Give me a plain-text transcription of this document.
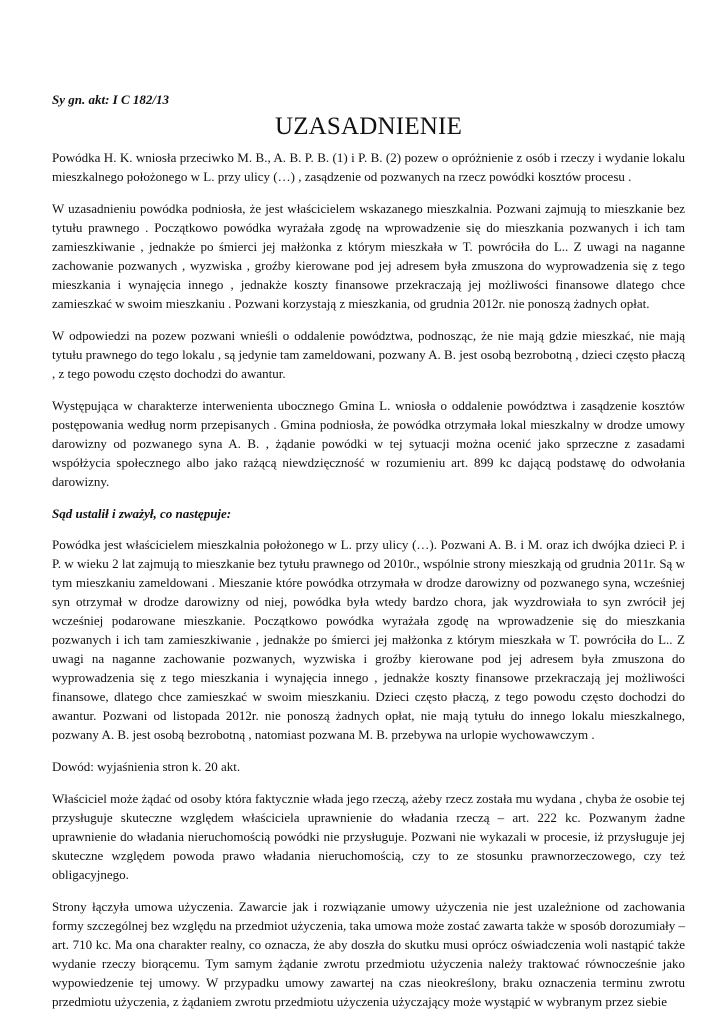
Sy gn. akt: I C 182/13

UZASADNIENIE

Powódka H. K. wniosła przeciwko M. B., A. B. P. B. (1) i P. B. (2) pozew o opróżnienie z osób i rzeczy i wydanie lokalu mieszkalnego położonego w L. przy ulicy (…) , zasądzenie od pozwanych na rzecz powódki kosztów procesu .

W uzasadnieniu powódka podniosła, że jest właścicielem wskazanego mieszkalnia. Pozwani zajmują to mieszkanie bez tytułu prawnego . Początkowo powódka wyrażała zgodę na wprowadzenie się do mieszkania pozwanych i ich tam zamieszkiwanie , jednakże po śmierci jej małżonka z którym mieszkała w T. powróciła do L.. Z uwagi na naganne zachowanie pozwanych , wyzwiska , groźby kierowane pod jej adresem była zmuszona do wyprowadzenia się z tego mieszkania i wynajęcia innego , jednakże koszty finansowe przekraczają jej możliwości finansowe dlatego chce zamieszkać w swoim mieszkaniu . Pozwani korzystają z mieszkania, od grudnia 2012r. nie ponoszą żadnych opłat.

W odpowiedzi na pozew pozwani wnieśli o oddalenie powództwa, podnosząc, że nie mają gdzie mieszkać, nie mają tytułu prawnego do tego lokalu , są jedynie tam zameldowani, pozwany A. B. jest osobą bezrobotną , dzieci często płaczą , z tego powodu często dochodzi do awantur.

Występująca w charakterze interwenienta ubocznego Gmina L. wniosła o oddalenie powództwa i zasądzenie kosztów postępowania według norm przepisanych . Gmina podniosła, że powódka otrzymała lokal mieszkalny w drodze umowy darowizny od pozwanego syna A. B. , żądanie powódki w tej sytuacji można ocenić jako sprzeczne z zasadami współżycia społecznego albo jako rażącą niewdzięczność w rozumieniu art. 899 kc dającą podstawę do odwołania darowizny.

Sąd ustalił i zważył, co następuje:

Powódka jest właścicielem mieszkalnia położonego w L. przy ulicy (…). Pozwani A. B. i M. oraz ich dwójka dzieci P. i P. w wieku 2 lat zajmują to mieszkanie bez tytułu prawnego od 2010r., wspólnie strony mieszkają od grudnia 2011r. Są w tym mieszkaniu zameldowani . Mieszanie które powódka otrzymała w drodze darowizny od pozwanego syna, wcześniej syn otrzymał w drodze darowizny od niej, powódka była wtedy bardzo chora, jak wyzdrowiała to syn zwrócił jej wcześniej podarowane mieszkanie. Początkowo powódka wyrażała zgodę na wprowadzenie się do mieszkania pozwanych i ich tam zamieszkiwanie , jednakże po śmierci jej małżonka z którym mieszkała w T. powróciła do L.. Z uwagi na naganne zachowanie pozwanych, wyzwiska i groźby kierowane pod jej adresem była zmuszona do wyprowadzenia się z tego mieszkania i wynajęcia innego , jednakże koszty finansowe przekraczają jej możliwości finansowe, dlatego chce zamieszkać w swoim mieszkaniu. Dzieci często płaczą, z tego powodu często dochodzi do awantur. Pozwani od listopada 2012r. nie ponoszą żadnych opłat, nie mają tytułu do innego lokalu mieszkalnego, pozwany A. B. jest osobą bezrobotną , natomiast pozwana M. B. przebywa na urlopie wychowawczym .

Dowód: wyjaśnienia stron k. 20 akt.

Właściciel może żądać od osoby która faktycznie włada jego rzeczą, ażeby rzecz została mu wydana , chyba że osobie tej przysługuje skuteczne względem właściciela uprawnienie do władania rzeczą – art. 222 kc. Pozwanym żadne uprawnienie do władania nieruchomością powódki nie przysługuje. Pozwani nie wykazali w procesie, iż przysługuje jej skuteczne względem powoda prawo władania nieruchomością, czy to ze stosunku prawnorzeczowego, czy też obligacyjnego.

Strony łączyła umowa użyczenia. Zawarcie jak i rozwiązanie umowy użyczenia nie jest uzależnione od zachowania formy szczególnej bez względu na przedmiot użyczenia, taka umowa może zostać zawarta także w sposób dorozumiały – art. 710 kc. Ma ona charakter realny, co oznacza, że aby doszła do skutku musi oprócz oświadczenia woli nastąpić także wydanie rzeczy biorącemu. Tym samym żądanie zwrotu przedmiotu użyczenia należy traktować równocześnie jako wypowiedzenie tej umowy. W przypadku umowy zawartej na czas nieokreślony, braku oznaczenia terminu zwrotu przedmiotu użyczenia, z żądaniem zwrotu przedmiotu użyczenia użyczający może wystąpić w wybranym przez siebie
